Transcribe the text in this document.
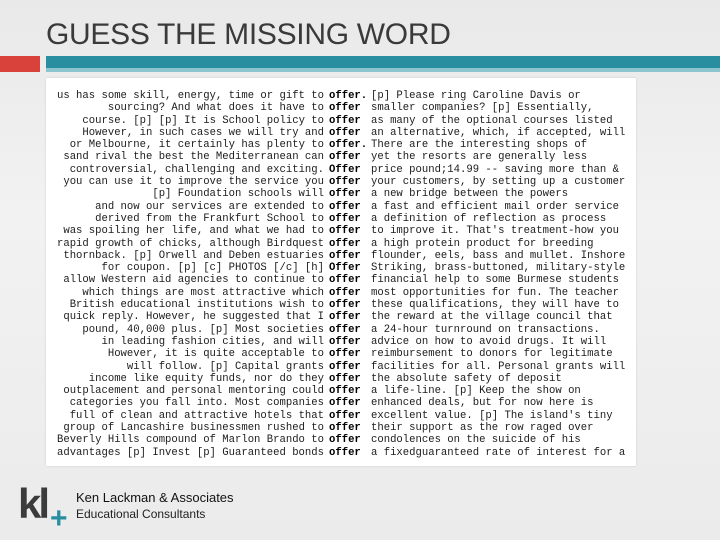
GUESS THE MISSING WORD
us has some skill, energy, time or gift to offer. [p] Please ring Caroline Davis or
sourcing? And what does it have to offer smaller companies? [p] Essentially,
course. [p] [p] It is School policy to offer as many of the optional courses listed
However, in such cases we will try and offer an alternative, which, if accepted, will
or Melbourne, it certainly has plenty to offer. There are the interesting shops of
sand rival the best the Mediterranean can offer yet the resorts are generally less
controversial, challenging and exciting. Offer price pound;14.99 -- saving more than &
you can use it to improve the service you offer your customers, by setting up a customer
[p] Foundation schools will offer a new bridge between the powers
and now our services are extended to offer a fast and efficient mail order service
derived from the Frankfurt School to offer a definition of reflection as process
was spoiling her life, and what we had to offer to improve it. That's treatment-how you
rapid growth of chicks, although Birdquest offer a high protein product for breeding
thornback. [p] Orwell and Deben estuaries offer flounder, eels, bass and mullet. Inshore
for coupon. [p] [c] PHOTOS [/c] [h] Offer Striking, brass-buttoned, military-style
allow Western aid agencies to continue to offer financial help to some Burmese students
which things are most attractive which offer most opportunities for fun. The teacher
British educational institutions wish to offer these qualifications, they will have to
quick reply. However, he suggested that I offer the reward at the village council that
pound, 40,000 plus. [p] Most societies offer a 24-hour turnround on transactions.
in leading fashion cities, and will offer advice on how to avoid drugs. It will
However, it is quite acceptable to offer reimbursement to donors for legitimate
will follow. [p] Capital grants offer facilities for all. Personal grants will
income like equity funds, nor do they offer the absolute safety of deposit
outplacement and personal mentoring could offer a life-line. [p] Keep the show on
categories you fall into. Most companies offer enhanced deals, but for now here is
full of clean and attractive hotels that offer excellent value. [p] The island's tiny
group of Lancashire businessmen rushed to offer their support as the row raged over
Beverly Hills compound of Marlon Brando to offer condolences on the suicide of his
advantages [p] Invest [p] Guaranteed bonds offer a fixedguaranteed rate of interest for a
kl +
Ken Lackman & Associates
Educational Consultants
